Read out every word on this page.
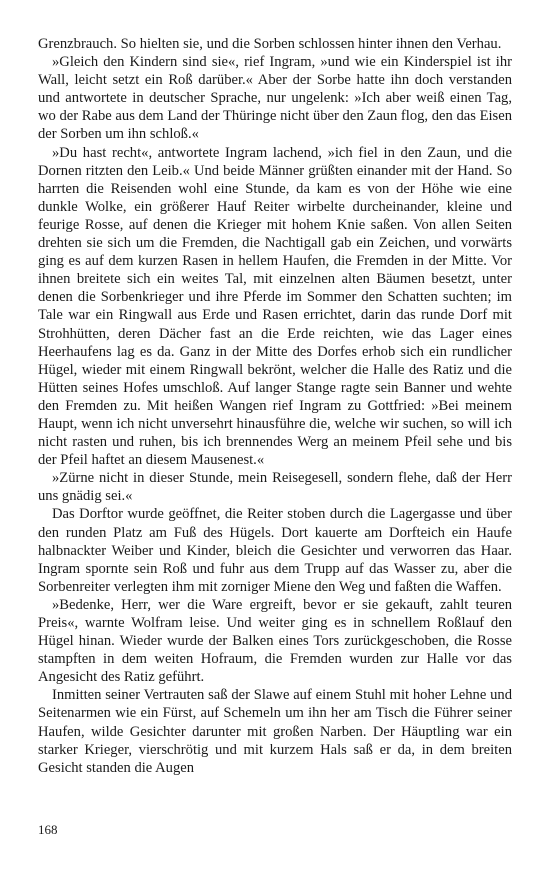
Grenzbrauch. So hielten sie, und die Sorben schlossen hinter ihnen den Verhau.

»Gleich den Kindern sind sie«, rief Ingram, »und wie ein Kinderspiel ist ihr Wall, leicht setzt ein Roß darüber.« Aber der Sorbe hatte ihn doch verstanden und antwortete in deutscher Sprache, nur ungelenk: »Ich aber weiß einen Tag, wo der Rabe aus dem Land der Thüringe nicht über den Zaun flog, den das Eisen der Sorben um ihn schloß.«

»Du hast recht«, antwortete Ingram lachend, »ich fiel in den Zaun, und die Dornen ritzten den Leib.« Und beide Männer grüßten einander mit der Hand. So harrten die Reisenden wohl eine Stunde, da kam es von der Höhe wie eine dunkle Wolke, ein größerer Hauf Reiter wirbelte durcheinander, kleine und feurige Rosse, auf denen die Krieger mit hohem Knie saßen. Von allen Seiten drehten sie sich um die Fremden, die Nachtigall gab ein Zeichen, und vorwärts ging es auf dem kurzen Rasen in hellem Haufen, die Fremden in der Mitte. Vor ihnen breitete sich ein weites Tal, mit einzelnen alten Bäumen besetzt, unter denen die Sorbenkrieger und ihre Pferde im Sommer den Schatten suchten; im Tale war ein Ringwall aus Erde und Rasen errichtet, darin das runde Dorf mit Strohhütten, deren Dächer fast an die Erde reichten, wie das Lager eines Heerhaufens lag es da. Ganz in der Mitte des Dorfes erhob sich ein rundlicher Hügel, wieder mit einem Ringwall bekrönt, welcher die Halle des Ratiz und die Hütten seines Hofes umschloß. Auf langer Stange ragte sein Banner und wehte den Fremden zu. Mit heißen Wangen rief Ingram zu Gottfried: »Bei meinem Haupt, wenn ich nicht unversehrt hinausführe die, welche wir suchen, so will ich nicht rasten und ruhen, bis ich brennendes Werg an meinem Pfeil sehe und bis der Pfeil haftet an diesem Mausenest.«

»Zürne nicht in dieser Stunde, mein Reisegesell, sondern flehe, daß der Herr uns gnädig sei.«

Das Dorftor wurde geöffnet, die Reiter stoben durch die Lagergasse und über den runden Platz am Fuß des Hügels. Dort kauerte am Dorfteich ein Haufe halbnackter Weiber und Kinder, bleich die Gesichter und verworren das Haar. Ingram spornte sein Roß und fuhr aus dem Trupp auf das Wasser zu, aber die Sorbenreiter verlegten ihm mit zorniger Miene den Weg und faßten die Waffen.

»Bedenke, Herr, wer die Ware ergreift, bevor er sie gekauft, zahlt teuren Preis«, warnte Wolfram leise. Und weiter ging es in schnellem Roßlauf den Hügel hinan. Wieder wurde der Balken eines Tors zurückgeschoben, die Rosse stampften in dem weiten Hofraum, die Fremden wurden zur Halle vor das Angesicht des Ratiz geführt.

Inmitten seiner Vertrauten saß der Slawe auf einem Stuhl mit hoher Lehne und Seitenarmen wie ein Fürst, auf Schemeln um ihn her am Tisch die Führer seiner Haufen, wilde Gesichter darunter mit großen Narben. Der Häuptling war ein starker Krieger, vierschrötig und mit kurzem Hals saß er da, in dem breiten Gesicht standen die Augen

168
